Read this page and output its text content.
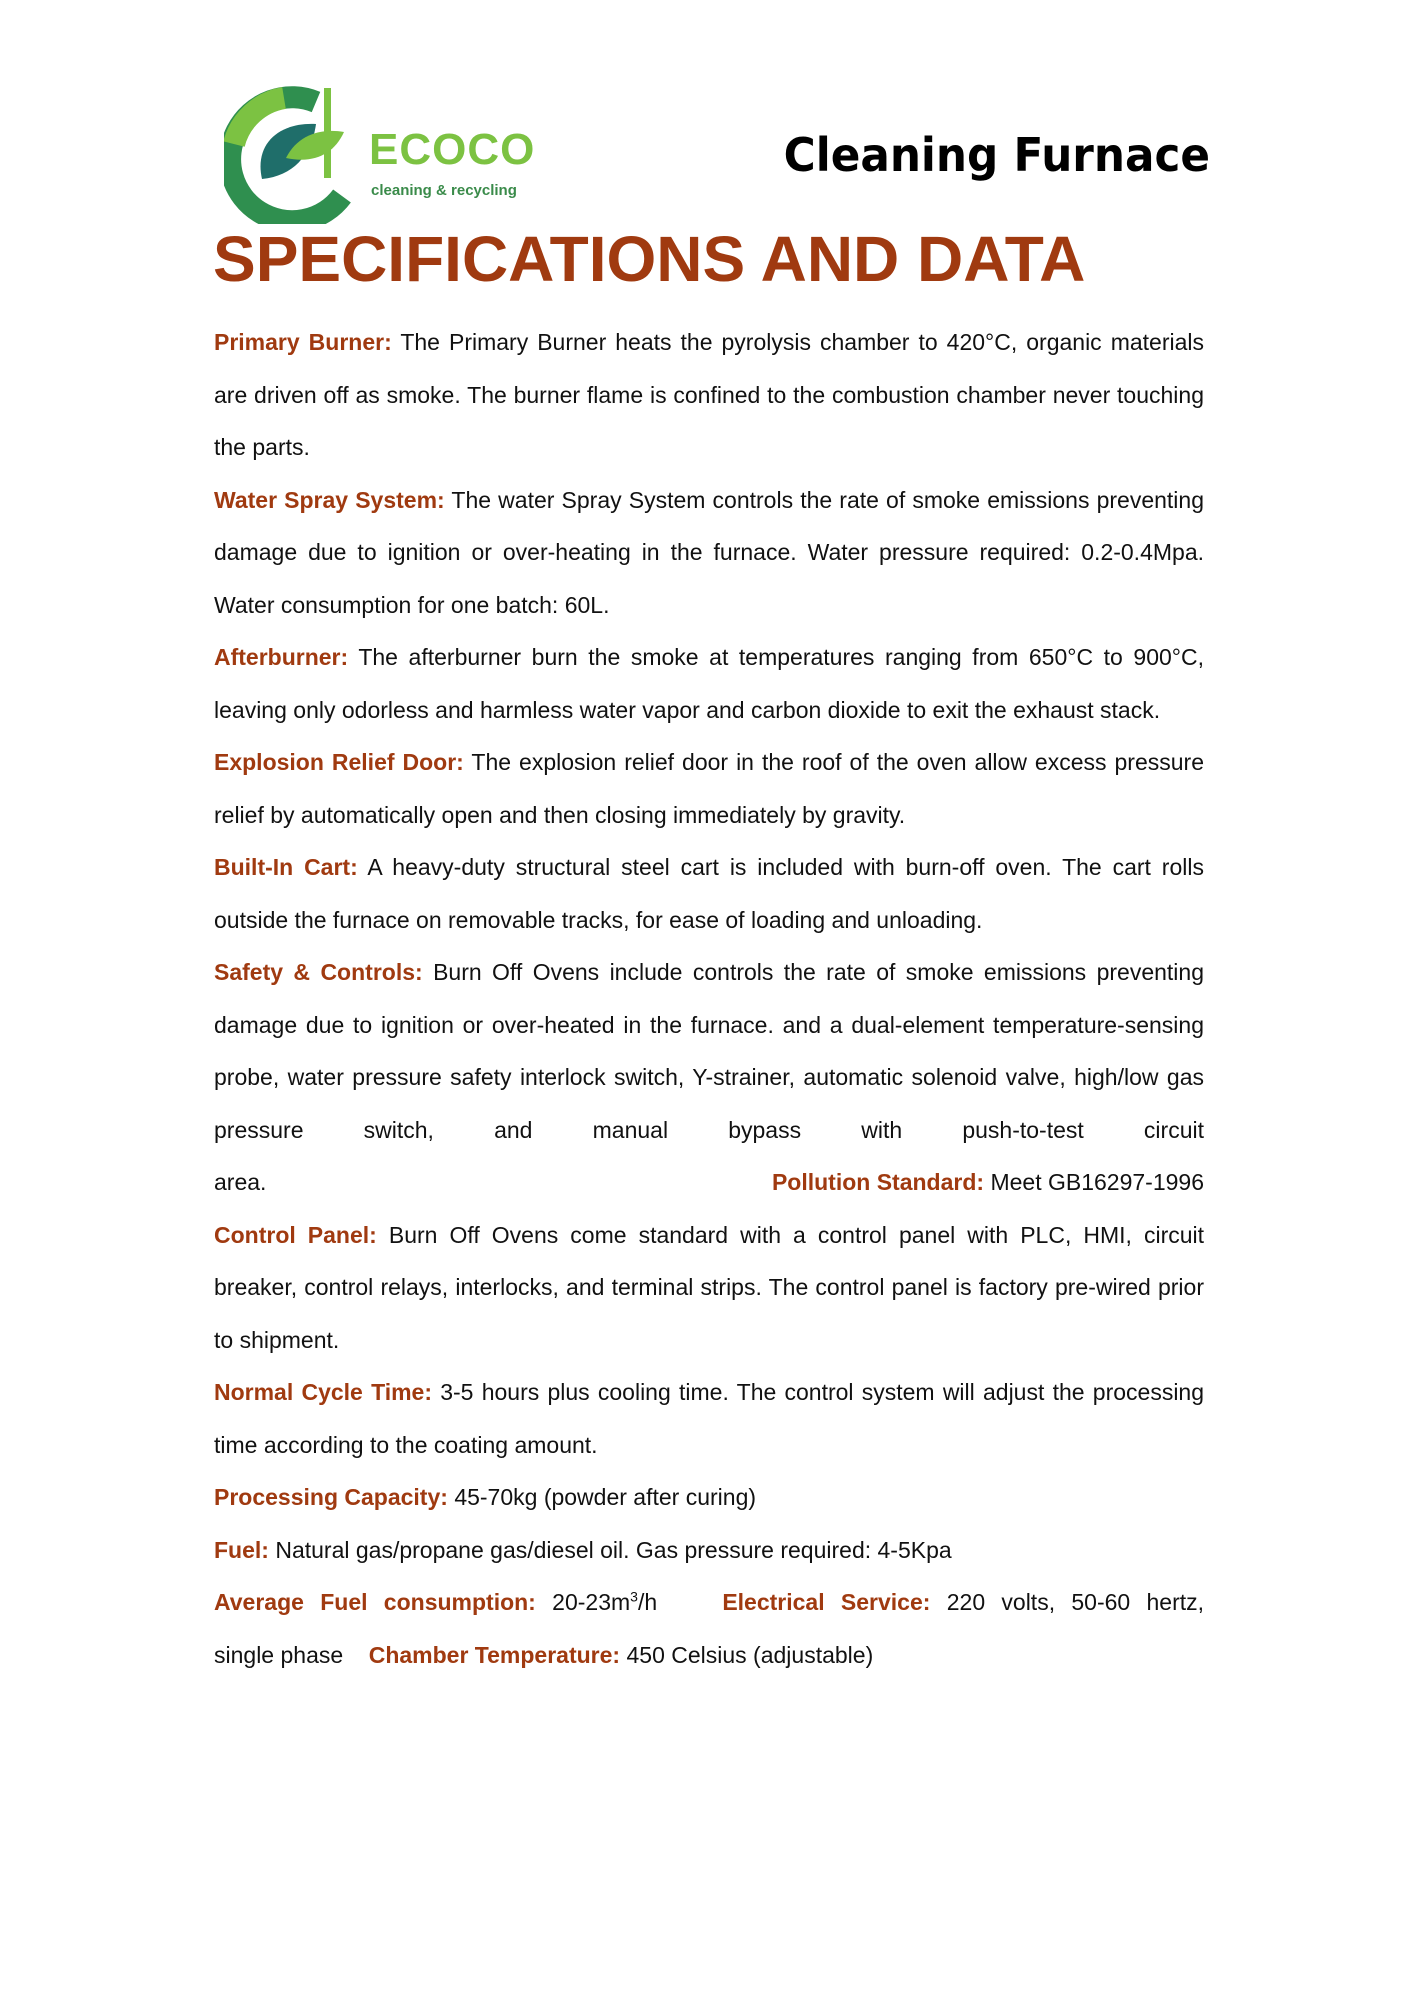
ECOCO
cleaning & recycling
Cleaning Furnace
SPECIFICATIONS AND DATA

Primary Burner: The Primary Burner heats the pyrolysis chamber to 420°C, organic materials are driven off as smoke. The burner flame is confined to the combustion chamber never touching the parts.

Water Spray System: The water Spray System controls the rate of smoke emissions preventing damage due to ignition or over-heating in the furnace. Water pressure required: 0.2-0.4Mpa. Water consumption for one batch: 60L.

Afterburner: The afterburner burn the smoke at temperatures ranging from 650°C to 900°C, leaving only odorless and harmless water vapor and carbon dioxide to exit the exhaust stack.

Explosion Relief Door: The explosion relief door in the roof of the oven allow excess pressure relief by automatically open and then closing immediately by gravity.

Built-In Cart: A heavy-duty structural steel cart is included with burn-off oven. The cart rolls outside the furnace on removable tracks, for ease of loading and unloading.

Safety & Controls: Burn Off Ovens include controls the rate of smoke emissions preventing damage due to ignition or over-heated in the furnace. and a dual-element temperature-sensing probe, water pressure safety interlock switch, Y-strainer, automatic solenoid valve, high/low gas pressure switch, and manual bypass with push-to-test circuit

area.	Pollution Standard: Meet GB16297-1996

Control Panel: Burn Off Ovens come standard with a control panel with PLC, HMI, circuit breaker, control relays, interlocks, and terminal strips. The control panel is factory pre-wired prior to shipment.

Normal Cycle Time: 3-5 hours plus cooling time. The control system will adjust the processing time according to the coating amount.

Processing Capacity: 45-70kg (powder after curing)

Fuel: Natural gas/propane gas/diesel oil. Gas pressure required: 4-5Kpa

Average Fuel consumption: $20-23m^3/h$	Electrical Service: 220 volts, 50-60 hertz,

single phase Chamber Temperature: 450 Celsius (adjustable)
